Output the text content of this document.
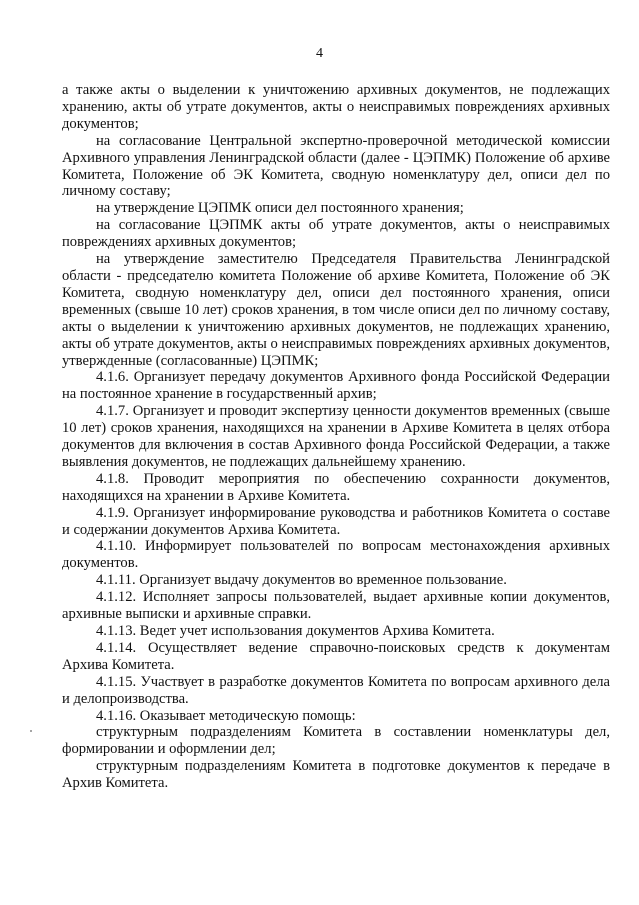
4

а также акты о выделении к уничтожению архивных документов, не подлежащих хранению, акты об утрате документов, акты о неисправимых повреждениях архивных документов;

на согласование Центральной экспертно-проверочной методической комиссии Архивного управления Ленинградской области (далее - ЦЭПМК) Положение об архиве Комитета, Положение об ЭК Комитета, сводную номенклатуру дел, описи дел по личному составу;

на утверждение ЦЭПМК описи дел постоянного хранения;

на согласование ЦЭПМК акты об утрате документов, акты о неисправимых повреждениях архивных документов;

на утверждение заместителю Председателя Правительства Ленинградской области - председателю комитета Положение об архиве Комитета, Положение об ЭК Комитета, сводную номенклатуру дел, описи дел постоянного хранения, описи временных (свыше 10 лет) сроков хранения, в том числе описи дел по личному составу, акты о выделении к уничтожению архивных документов, не подлежащих хранению, акты об утрате документов, акты о неисправимых повреждениях архивных документов, утвержденные (согласованные) ЦЭПМК;

4.1.6. Организует передачу документов Архивного фонда Российской Федерации на постоянное хранение в государственный архив;

4.1.7. Организует и проводит экспертизу ценности документов временных (свыше 10 лет) сроков хранения, находящихся на хранении в Архиве Комитета в целях отбора документов для включения в состав Архивного фонда Российской Федерации, а также выявления документов, не подлежащих дальнейшему хранению.

4.1.8. Проводит мероприятия по обеспечению сохранности документов, находящихся на хранении в Архиве Комитета.

4.1.9. Организует информирование руководства и работников Комитета о составе и содержании документов Архива Комитета.

4.1.10. Информирует пользователей по вопросам местонахождения архивных документов.

4.1.11. Организует выдачу документов во временное пользование.

4.1.12. Исполняет запросы пользователей, выдает архивные копии документов, архивные выписки и архивные справки.

4.1.13. Ведет учет использования документов Архива Комитета.

4.1.14. Осуществляет ведение справочно-поисковых средств к документам Архива Комитета.

4.1.15. Участвует в разработке документов Комитета по вопросам архивного дела и делопроизводства.

4.1.16. Оказывает методическую помощь:

структурным подразделениям Комитета в составлении номенклатуры дел, формировании и оформлении дел;

структурным подразделениям Комитета в подготовке документов к передаче в Архив Комитета.
